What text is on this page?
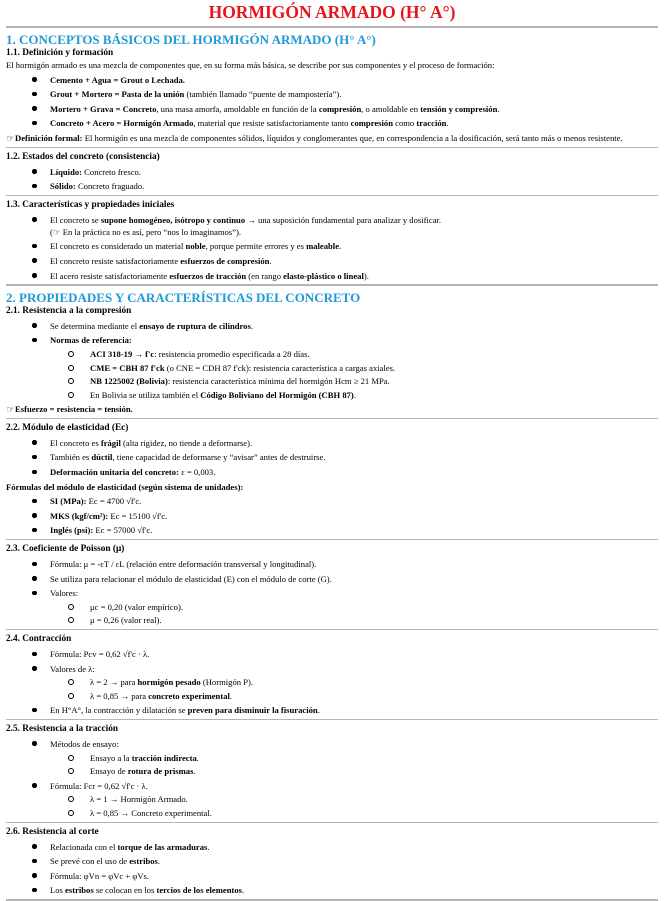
HORMIGÓN ARMADO (H° A°)
1. CONCEPTOS BÁSICOS DEL HORMIGÓN ARMADO (H° A°)
1.1. Definición y formación

El hormigón armado es una mezcla de componentes que, en su forma más básica, se describe por sus componentes y el proceso de formación:

Cemento + Agua = Grout o Lechada.
Grout + Mortero = Pasta de la unión (también llamado “puente de mampostería”).
Mortero + Grava = Concreto, una masa amorfa, amoldable en función de la compresión, o amoldable en tensión y compresión.
Concreto + Acero = Hormigón Armado, material que resiste satisfactoriamente tanto compresión como tracción.

☞Definición formal: El hormigón es una mezcla de componentes sólidos, líquidos y conglomerantes que, en correspondencia a la dosificación, será tanto más o menos resistente.

1.2. Estados del concreto (consistencia)
Líquido: Concreto fresco.
Sólido: Concreto fraguado.
1.3. Características y propiedades iniciales
El concreto se supone homogéneo, isótropo y continuo → una suposición fundamental para analizar y dosificar.
(☞ En la práctica no es así, pero “nos lo imaginamos”).
El concreto es considerado un material noble, porque permite errores y es maleable.
El concreto resiste satisfactoriamente esfuerzos de compresión.
El acero resiste satisfactoriamente esfuerzos de tracción (en rango elasto-plástico o lineal).
2. PROPIEDADES Y CARACTERÍSTICAS DEL CONCRETO
2.1. Resistencia a la compresión
Se determina mediante el ensayo de ruptura de cilindros.
Normas de referencia:
ACI 318-19 → f'c: resistencia promedio especificada a 28 días.
CME = CBH 87 f'ck (o CNE = CDH 87 f'ck): resistencia característica a cargas axiales.
NB 1225002 (Bolivia): resistencia característica mínima del hormigón Hcm ≥ 21 MPa.
En Bolivia se utiliza también el Código Boliviano del Hormigón (CBH 87).

☞Esfuerzo = resistencia = tensión.

2.2. Módulo de elasticidad (Ec)
El concreto es frágil (alta rigidez, no tiende a deformarse).
También es dúctil, tiene capacidad de deformarse y “avisar” antes de destruirse.
Deformación unitaria del concreto: ε = 0,003.

Fórmulas del módulo de elasticidad (según sistema de unidades):

SI (MPa): Ec = 4700 √f'c.
MKS (kgf/cm²): Ec = 15100 √f'c.
Inglés (psi): Ec = 57000 √f'c.
2.3. Coeficiente de Poisson (μ)
Fórmula: μ = -εT / εL (relación entre deformación transversal y longitudinal).
Se utiliza para relacionar el módulo de elasticidad (E) con el módulo de corte (G).
Valores:
μc = 0,20 (valor empírico).
μ = 0,26 (valor real).
2.4. Contracción
Fórmula: Pcv = 0,62 √f'c · λ.
Valores de λ:
λ = 2 → para hormigón pesado (Hormigón P).
λ = 0,85 → para concreto experimental.
En H°A°, la contracción y dilatación se preven para disminuir la fisuración.
2.5. Resistencia a la tracción
Métodos de ensayo:
Ensayo a la tracción indirecta.
Ensayo de rotura de prismas.
Fórmula: Fcr = 0,62 √f'c · λ.
λ = 1 → Hormigón Armado.
λ = 0,85 → Concreto experimental.
2.6. Resistencia al corte
Relacionada con el torque de las armaduras.
Se prevé con el uso de estribos.
Fórmula: φVn = φVc + φVs.
Los estribos se colocan en los tercios de los elementos.
